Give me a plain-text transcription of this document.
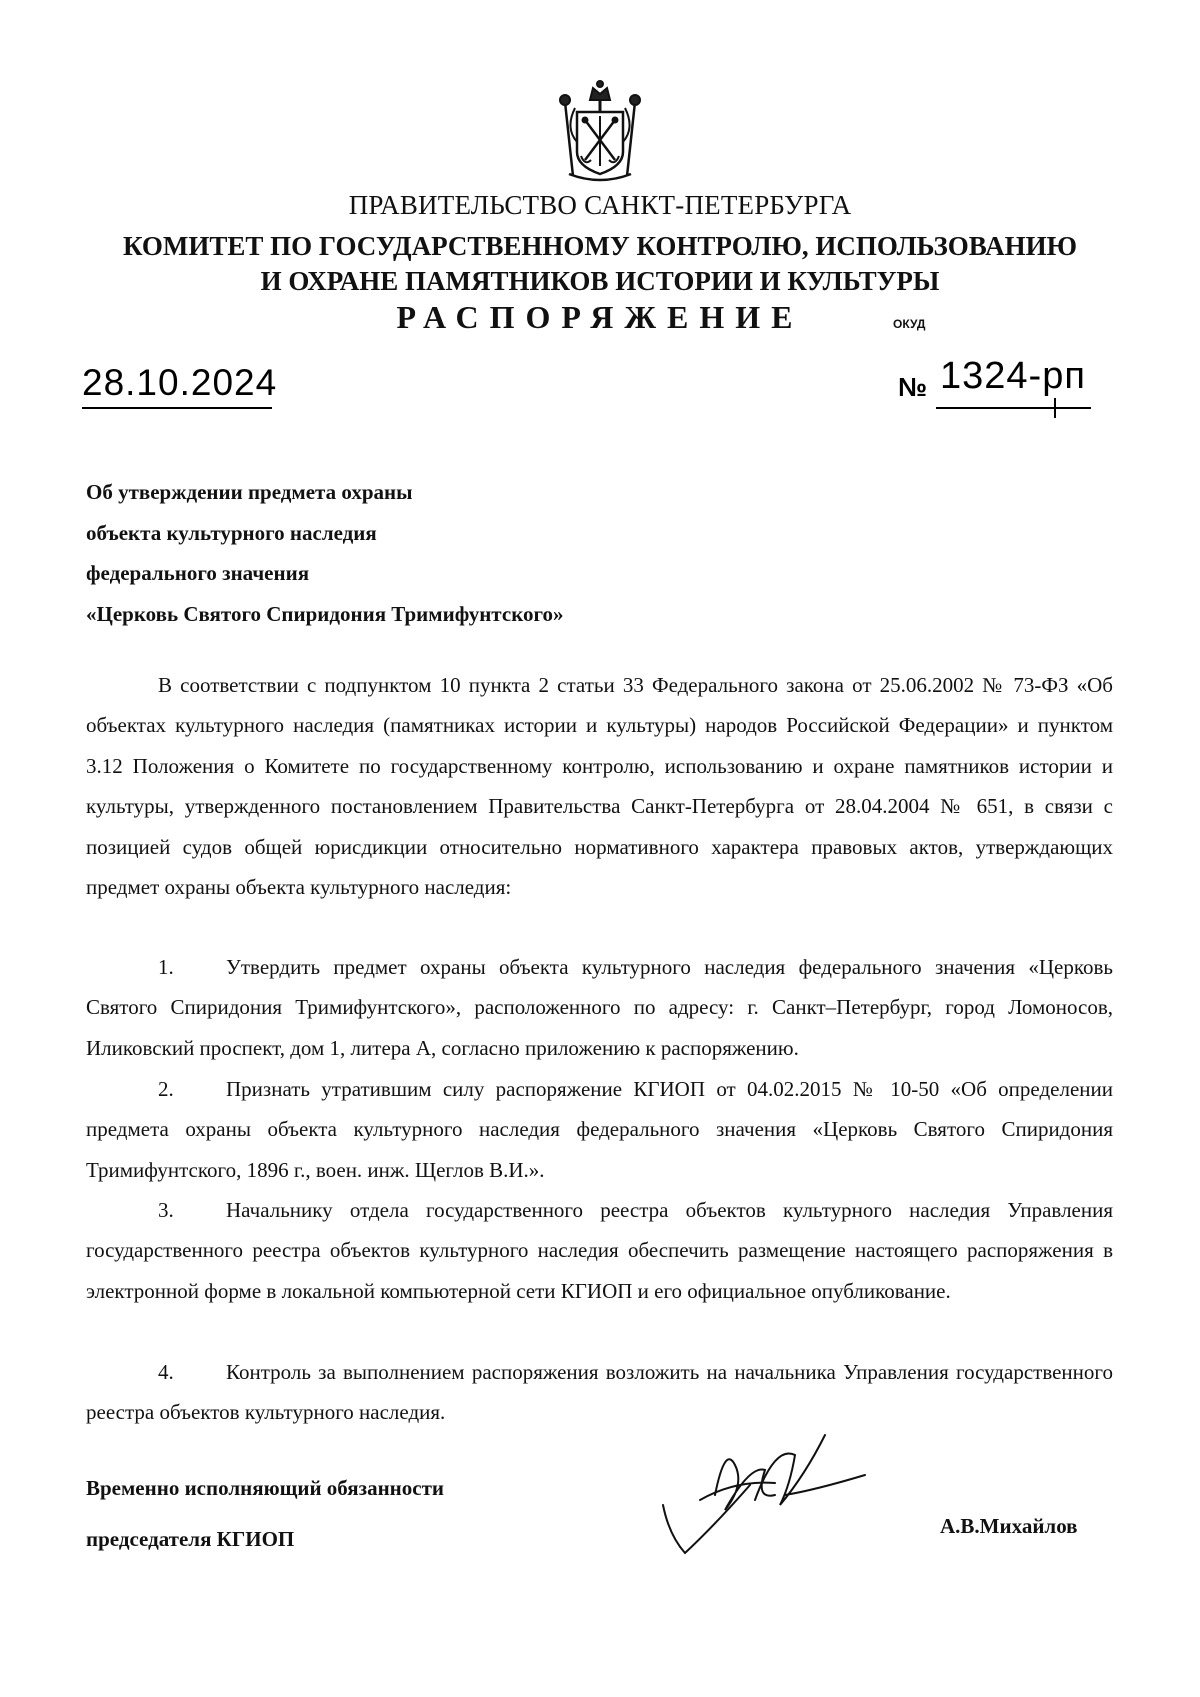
ПРАВИТЕЛЬСТВО САНКТ-ПЕТЕРБУРГА
КОМИТЕТ ПО ГОСУДАРСТВЕННОМУ КОНТРОЛЮ, ИСПОЛЬЗОВАНИЮ
И ОХРАНЕ ПАМЯТНИКОВ ИСТОРИИ И КУЛЬТУРЫ
РАСПОРЯЖЕНИЕ	ОКУД
28.10.2024	№ 1324-рп
Об утверждении предмета охраны
объекта культурного наследия
федерального значения
«Церковь Святого Спиридония Тримифунтского»
В соответствии с подпунктом 10 пункта 2 статьи 33 Федерального закона от 25.06.2002 № 73-ФЗ «Об объектах культурного наследия (памятниках истории и культуры) народов Российской Федерации» и пунктом 3.12 Положения о Комитете по государственному контролю, использованию и охране памятников истории и культуры, утвержденного постановлением Правительства Санкт-Петербурга от 28.04.2004 № 651, в связи с позицией судов общей юрисдикции относительно нормативного характера правовых актов, утверждающих предмет охраны объекта культурного наследия:
1. Утвердить предмет охраны объекта культурного наследия федерального значения «Церковь Святого Спиридония Тримифунтского», расположенного по адресу: г. Санкт–Петербург, город Ломоносов, Иликовский проспект, дом 1, литера А, согласно приложению к распоряжению.
2. Признать утратившим силу распоряжение КГИОП от 04.02.2015 № 10-50 «Об определении предмета охраны объекта культурного наследия федерального значения «Церковь Святого Спиридония Тримифунтского, 1896 г., воен. инж. Щеглов В.И.».
3. Начальнику отдела государственного реестра объектов культурного наследия Управления государственного реестра объектов культурного наследия обеспечить размещение настоящего распоряжения в электронной форме в локальной компьютерной сети КГИОП и его официальное опубликование.
4. Контроль за выполнением распоряжения возложить на начальника Управления государственного реестра объектов культурного наследия.
Временно исполняющий обязанности
председателя КГИОП
А.В.Михайлов
